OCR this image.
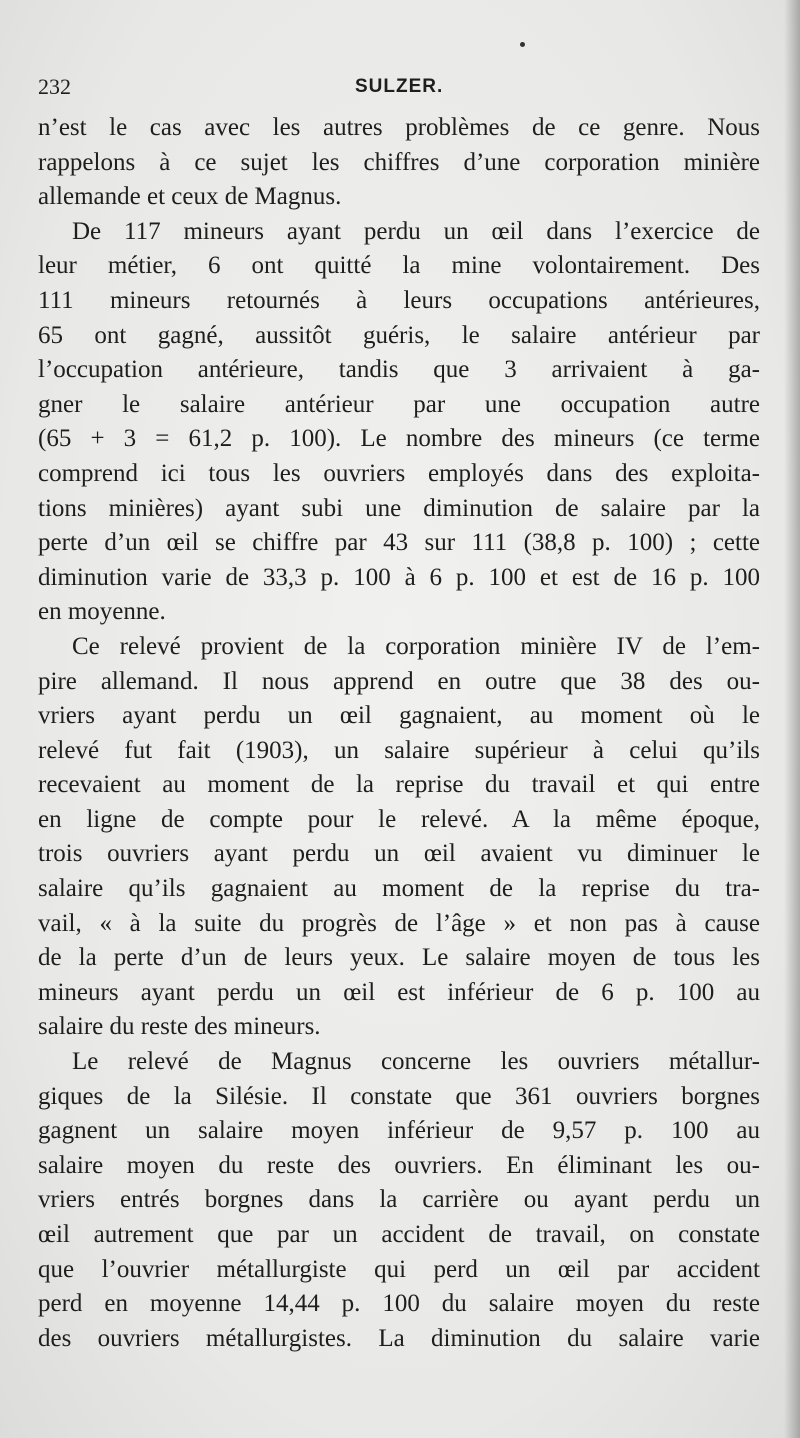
232	SULZER.
n’est le cas avec les autres problèmes de ce genre. Nous
rappelons à ce sujet les chiffres d’une corporation minière
allemande et ceux de Magnus.
De 117 mineurs ayant perdu un œil dans l’exercice de
leur métier, 6 ont quitté la mine volontairement. Des
111 mineurs retournés à leurs occupations antérieures,
65 ont gagné, aussitôt guéris, le salaire antérieur par
l’occupation antérieure, tandis que 3 arrivaient à ga-
gner le salaire antérieur par une occupation autre
(65 + 3 = 61,2 p. 100). Le nombre des mineurs (ce terme
comprend ici tous les ouvriers employés dans des exploita-
tions minières) ayant subi une diminution de salaire par la
perte d’un œil se chiffre par 43 sur 111 (38,8 p. 100) ; cette
diminution varie de 33,3 p. 100 à 6 p. 100 et est de 16 p. 100
en moyenne.
Ce relevé provient de la corporation minière IV de l’em-
pire allemand. Il nous apprend en outre que 38 des ou-
vriers ayant perdu un œil gagnaient, au moment où le
relevé fut fait (1903), un salaire supérieur à celui qu’ils
recevaient au moment de la reprise du travail et qui entre
en ligne de compte pour le relevé. A la même époque,
trois ouvriers ayant perdu un œil avaient vu diminuer le
salaire qu’ils gagnaient au moment de la reprise du tra-
vail, « à la suite du progrès de l’âge » et non pas à cause
de la perte d’un de leurs yeux. Le salaire moyen de tous les
mineurs ayant perdu un œil est inférieur de 6 p. 100 au
salaire du reste des mineurs.
Le relevé de Magnus concerne les ouvriers métallur-
giques de la Silésie. Il constate que 361 ouvriers borgnes
gagnent un salaire moyen inférieur de 9,57 p. 100 au
salaire moyen du reste des ouvriers. En éliminant les ou-
vriers entrés borgnes dans la carrière ou ayant perdu un
œil autrement que par un accident de travail, on constate
que l’ouvrier métallurgiste qui perd un œil par accident
perd en moyenne 14,44 p. 100 du salaire moyen du reste
des ouvriers métallurgistes. La diminution du salaire varie
